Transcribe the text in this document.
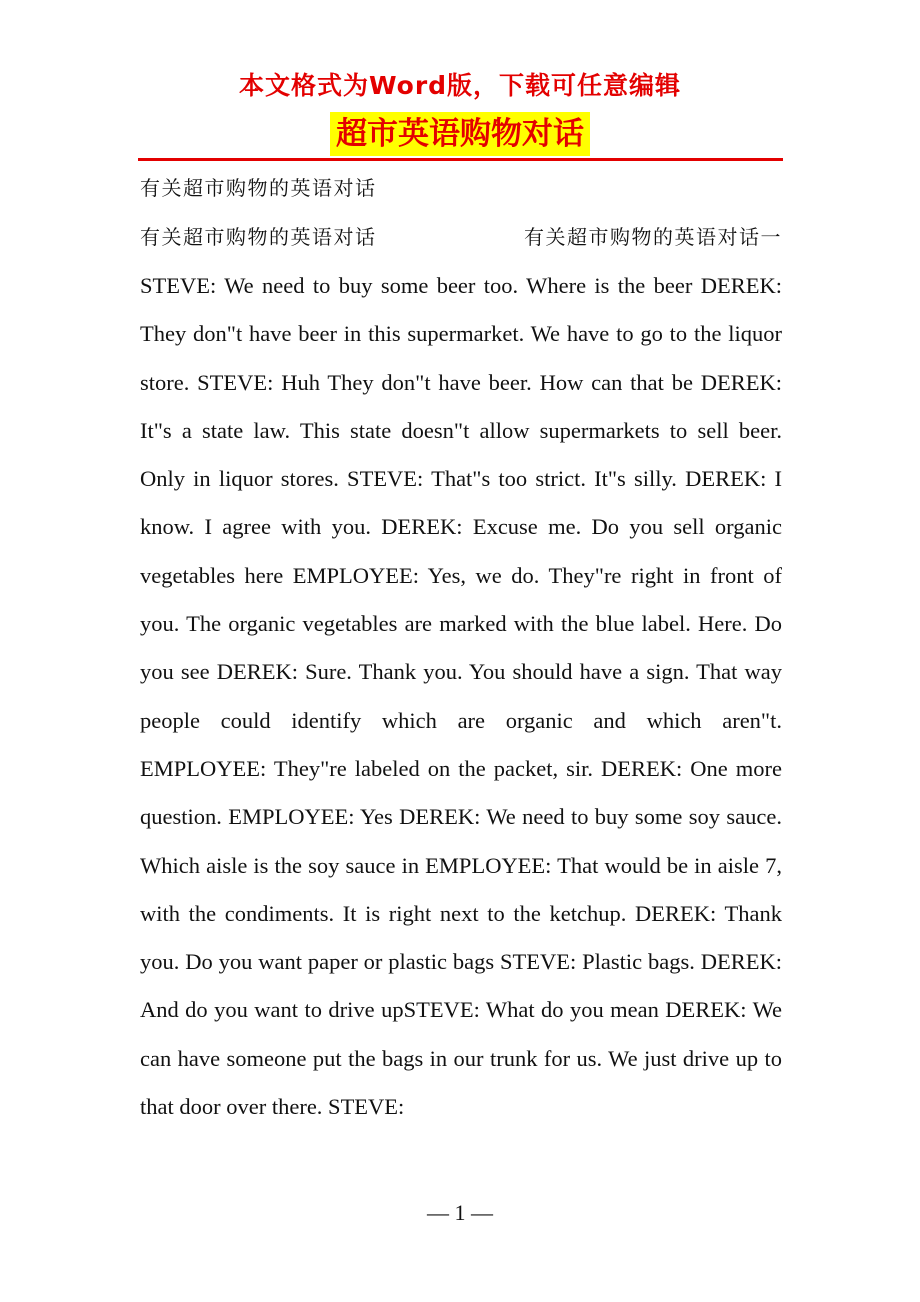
本文格式为Word版，下载可任意编辑
超市英语购物对话
有关超市购物的英语对话
有关超市购物的英语对话	有关超市购物的英语对话一
STEVE: We need to buy some beer too. Where is the beer DEREK: They don"t have beer in this supermarket. We have to go to the liquor store. STEVE: Huh They don"t have beer. How can that be DEREK: It"s a state law. This state doesn"t allow supermarkets to sell beer. Only in liquor stores. STEVE: That"s too strict. It"s silly. DEREK: I know. I agree with you. DEREK: Excuse me. Do you sell organic vegetables here EMPLOYEE: Yes, we do. They"re right in front of you. The organic vegetables are marked with the blue label. Here. Do you see DEREK: Sure. Thank you. You should have a sign. That way people could identify which are organic and which aren"t. EMPLOYEE: They"re labeled on the packet, sir. DEREK: One more question. EMPLOYEE: Yes DEREK: We need to buy some soy sauce. Which aisle is the soy sauce in EMPLOYEE: That would be in aisle 7, with the condiments. It is right next to the ketchup. DEREK: Thank you. Do you want paper or plastic bags STEVE: Plastic bags. DEREK: And do you want to drive upSTEVE: What do you mean DEREK: We can have someone put the bags in our trunk for us. We just drive up to that door over there. STEVE:
— 1 —
